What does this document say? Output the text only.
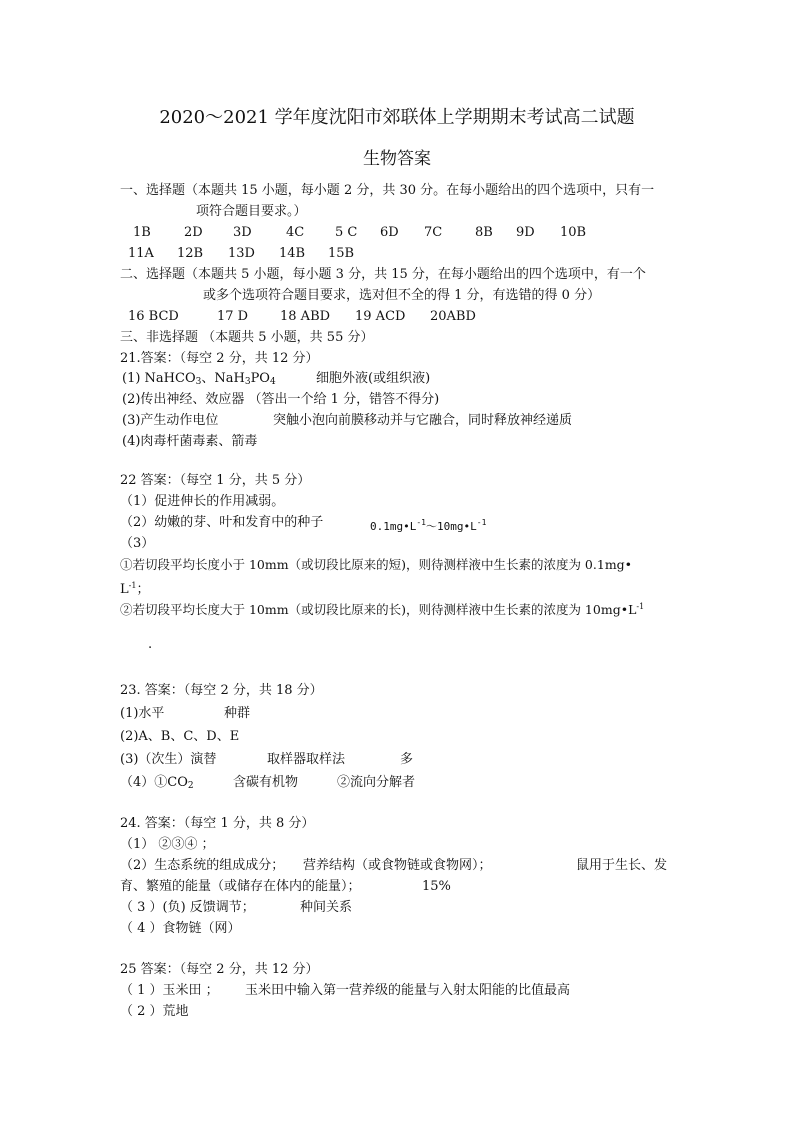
2020～2021 学年度沈阳市郊联体上学期期末考试高二试题
生物答案
一、选择题（本题共 15 小题，每小题 2 分，共 30 分。在每小题给出的四个选项中，只有一
项符合题目要求。）
1B	2D 3D	4C 5 C 6D 7C	8B 9D 10B
11A 12B 13D 14B 15B
二、选择题（本题共 5 小题，每小题 3 分，共 15 分，在每小题给出的四个选项中，有一个
或多个选项符合题目要求，选对但不全的得 1 分，有选错的得 0 分）
16 BCD	17 D 18 ABD 19 ACD 20ABD
三、非选择题 （本题共 5 小题，共 55 分）
21.答案：（每空 2 分，共 12 分）
(1) NaHCO$_3$、$NaH_3PO_4$	细胞外液(或组织液)
(2)传出神经、效应器 （答出一个给 1 分，错答不得分)
(3)产生动作电位	突触小泡向前膜移动并与它融合，同时释放神经递质
(4)肉毒杆菌毒素、箭毒
22 答案：（每空 1 分，共 5 分）
（1）促进伸长的作用减弱。
（2）幼嫩的芽、叶和发育中的种子	$0.1mg•L^{-1}\sim 10mg•L^{-1}$
（3）
①若切段平均长度小于 10mm（或切段比原来的短)，则待测样液中生长素的浓度为 0.1mg•
$L^{-1}$；
②若切段平均长度大于 10mm（或切段比原来的长)，则待测样液中生长素的浓度为 $10mg•L^{-1}$
.
23. 答案：（每空 2 分，共 18 分）
(1)水平	种群
(2)A、B、C、D、E
(3)（次生）演替	取样器取样法	多
$(4)①CO_2$	含碳有机物	②流向分解者
24. 答案：（每空 1 分，共 8 分）
（1） ②③④ ；
（2）生态系统的组成成分； 营养结构（或食物链或食物网）；	鼠用于生长、发
育、繁殖的能量（或储存在体内的能量）；	15%
（ 3 ）(负) 反馈调节；	种间关系
（ 4 ）食物链（网）
25 答案：（每空 2 分，共 12 分）
（ 1 ）玉米田 ； 玉米田中输入第一营养级的能量与入射太阳能的比值最高
（ 2 ）荒地
